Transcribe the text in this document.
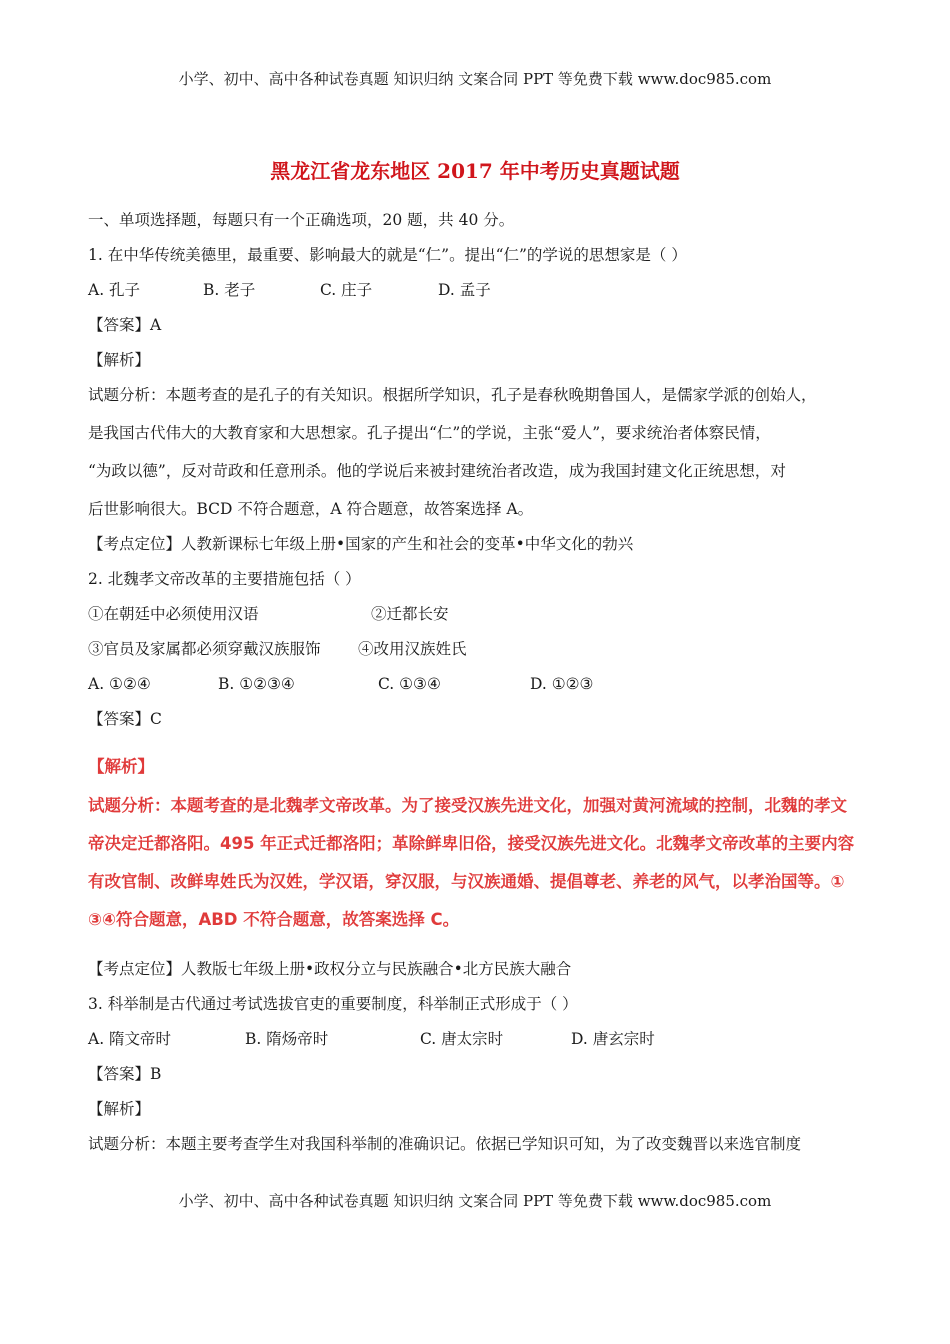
小学、初中、高中各种试卷真题 知识归纳 文案合同 PPT 等免费下载 www.doc985.com
黑龙江省龙东地区 2017 年中考历史真题试题
一、单项选择题，每题只有一个正确选项，20 题，共 40 分。
1. 在中华传统美德里，最重要、影响最大的就是“仁”。提出“仁”的学说的思想家是（ ）
A. 孔子	B. 老子	C. 庄子	D. 孟子
【答案】A
【解析】
试题分析：本题考查的是孔子的有关知识。根据所学知识，孔子是春秋晚期鲁国人，是儒家学派的创始人，
是我国古代伟大的大教育家和大思想家。孔子提出“仁”的学说，主张“爱人”，要求统治者体察民情，
“为政以德”，反对苛政和任意刑杀。他的学说后来被封建统治者改造，成为我国封建文化正统思想，对
后世影响很大。BCD 不符合题意，A 符合题意，故答案选择 A。
【考点定位】人教新课标七年级上册•国家的产生和社会的变革•中华文化的勃兴
2. 北魏孝文帝改革的主要措施包括（ ）
①在朝廷中必须使用汉语	②迁都长安
③官员及家属都必须穿戴汉族服饰 ④改用汉族姓氏
A. ①②④	B. ①②③④	C. ①③④	D. ①②③
【答案】C
【解析】
试题分析：本题考查的是北魏孝文帝改革。为了接受汉族先进文化，加强对黄河流域的控制，北魏的孝文
帝决定迁都洛阳。495 年正式迁都洛阳；革除鲜卑旧俗，接受汉族先进文化。北魏孝文帝改革的主要内容
有改官制、改鲜卑姓氏为汉姓，学汉语，穿汉服，与汉族通婚、提倡尊老、养老的风气，以孝治国等。①
③④符合题意，ABD 不符合题意，故答案选择 C。
【考点定位】人教版七年级上册•政权分立与民族融合•北方民族大融合
3. 科举制是古代通过考试选拔官吏的重要制度，科举制正式形成于（ ）
A. 隋文帝时	B. 隋炀帝时	C. 唐太宗时	D. 唐玄宗时
【答案】B
【解析】
试题分析：本题主要考查学生对我国科举制的准确识记。依据已学知识可知，为了改变魏晋以来选官制度
小学、初中、高中各种试卷真题 知识归纳 文案合同 PPT 等免费下载 www.doc985.com
